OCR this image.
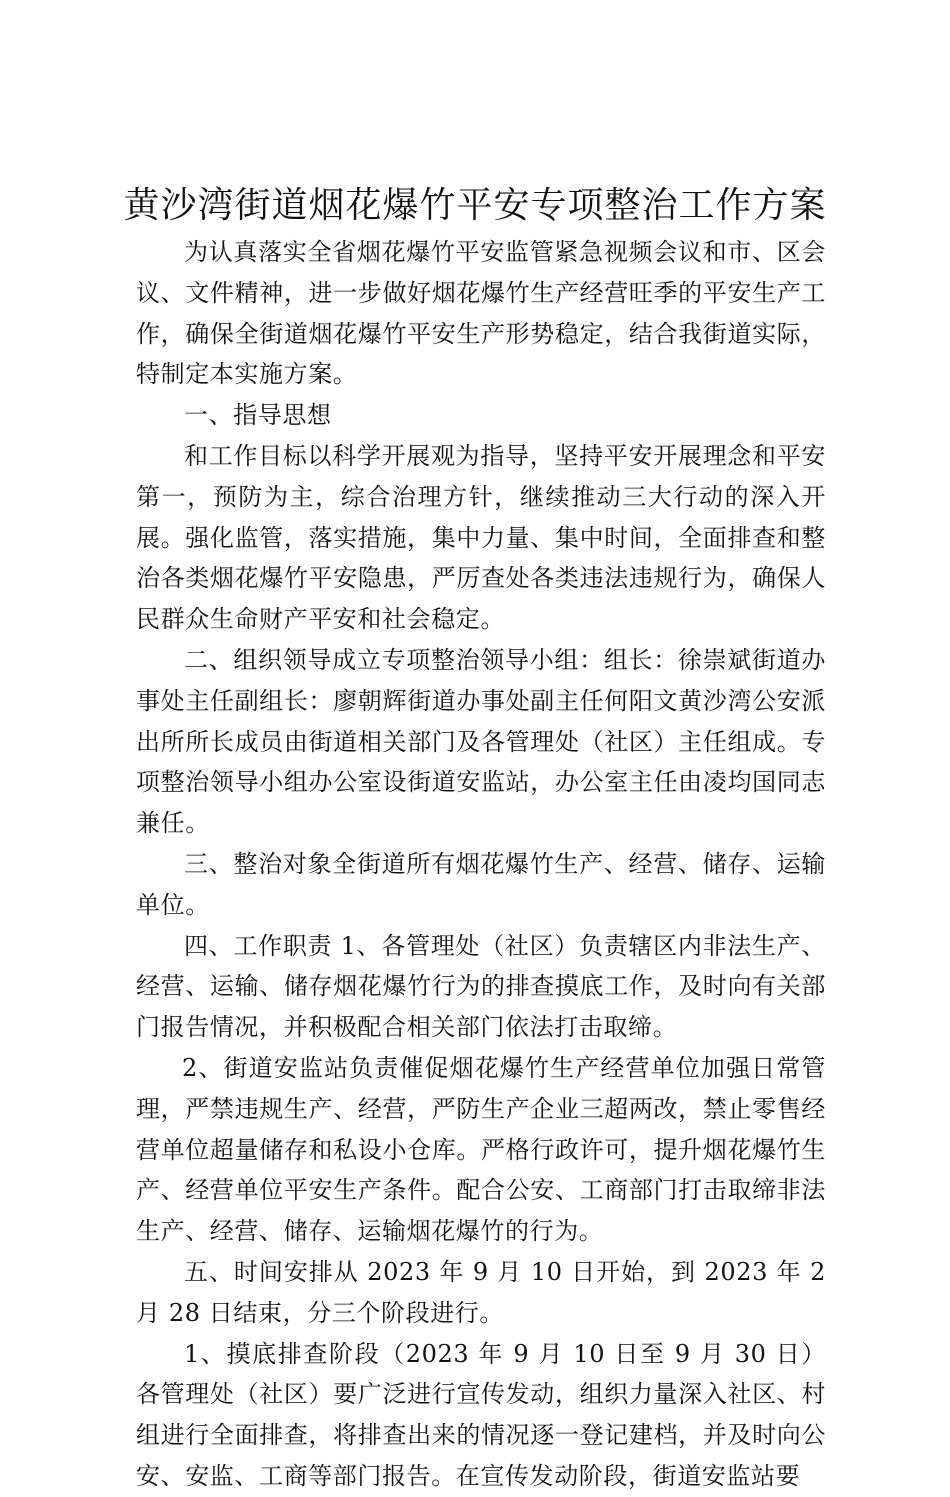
黄沙湾街道烟花爆竹平安专项整治工作方案

为认真落实全省烟花爆竹平安监管紧急视频会议和市、区会议、文件精神，进一步做好烟花爆竹生产经营旺季的平安生产工作，确保全街道烟花爆竹平安生产形势稳定，结合我街道实际，特制定本实施方案。

一、指导思想

和工作目标以科学开展观为指导，坚持平安开展理念和平安第一，预防为主，综合治理方针，继续推动三大行动的深入开展。强化监管，落实措施，集中力量、集中时间，全面排查和整治各类烟花爆竹平安隐患，严厉查处各类违法违规行为，确保人民群众生命财产平安和社会稳定。

二、组织领导成立专项整治领导小组：组长：徐崇斌街道办事处主任副组长：廖朝辉街道办事处副主任何阳文黄沙湾公安派出所所长成员由街道相关部门及各管理处（社区）主任组成。专项整治领导小组办公室设街道安监站，办公室主任由凌均国同志兼任。

三、整治对象全街道所有烟花爆竹生产、经营、储存、运输单位。

四、工作职责 1、各管理处（社区）负责辖区内非法生产、经营、运输、储存烟花爆竹行为的排查摸底工作，及时向有关部门报告情况，并积极配合相关部门依法打击取缔。

2、街道安监站负责催促烟花爆竹生产经营单位加强日常管理，严禁违规生产、经营，严防生产企业三超两改，禁止零售经营单位超量储存和私设小仓库。严格行政许可，提升烟花爆竹生产、经营单位平安生产条件。配合公安、工商部门打击取缔非法生产、经营、储存、运输烟花爆竹的行为。

五、时间安排从 2023 年 9 月 10 日开始，到 2023 年 2 月 28 日结束，分三个阶段进行。

1、摸底排查阶段（2023 年 9 月 10 日至 9 月 30 日）各管理处（社区）要广泛进行宣传发动，组织力量深入社区、村组进行全面排查，将排查出来的情况逐一登记建档，并及时向公安、安监、工商等部门报告。在宣传发动阶段，街道安监站要
